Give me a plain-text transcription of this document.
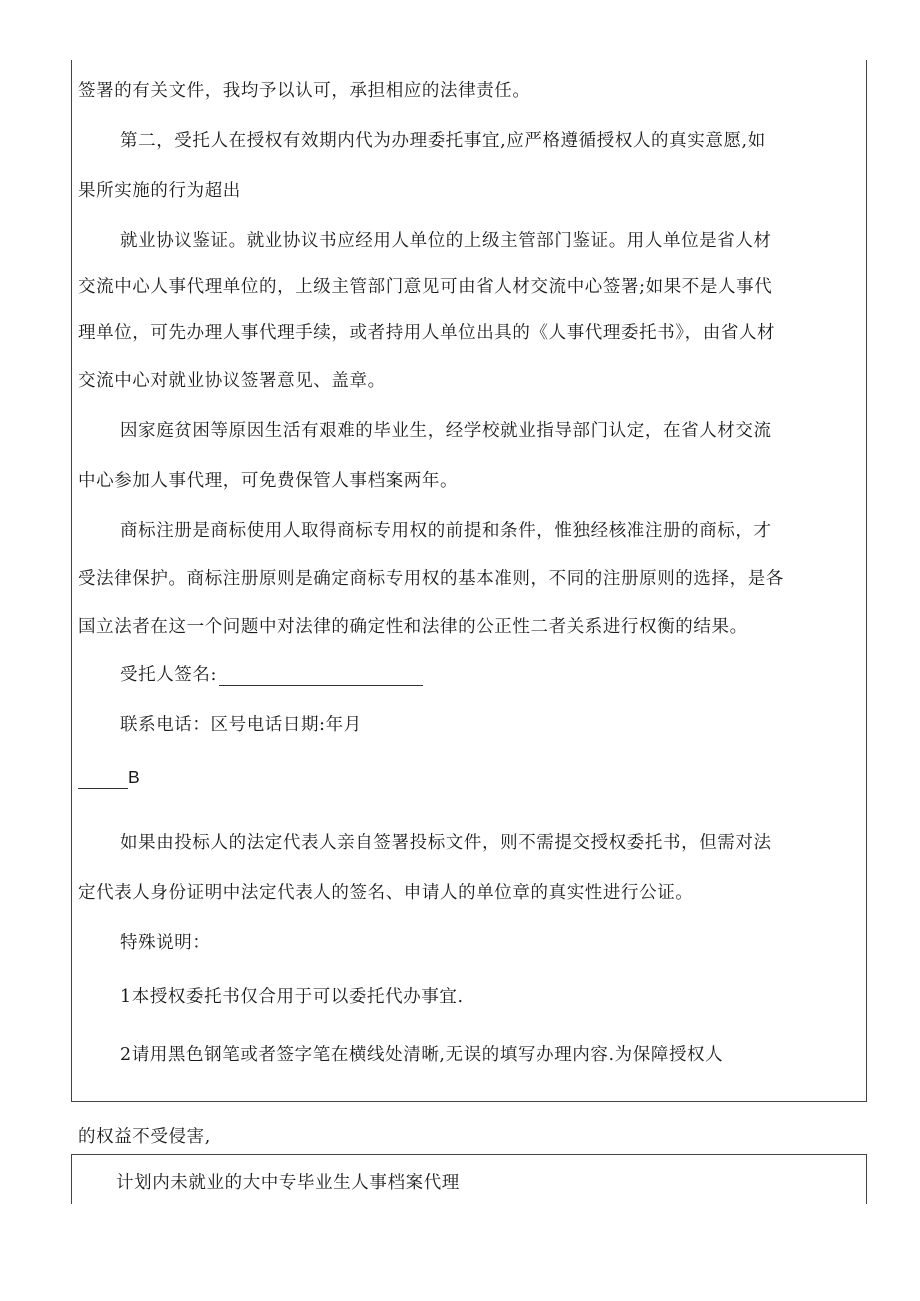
签署的有关文件，我均予以认可，承担相应的法律责任。
第二，受托人在授权有效期内代为办理委托事宜,应严格遵循授权人的真实意愿,如
果所实施的行为超出
就业协议鉴证。就业协议书应经用人单位的上级主管部门鉴证。用人单位是省人材
交流中心人事代理单位的，上级主管部门意见可由省人材交流中心签署;如果不是人事代
理单位，可先办理人事代理手续，或者持用人单位出具的《人事代理委托书》，由省人材
交流中心对就业协议签署意见、盖章。
因家庭贫困等原因生活有艰难的毕业生，经学校就业指导部门认定，在省人材交流
中心参加人事代理，可免费保管人事档案两年。
商标注册是商标使用人取得商标专用权的前提和条件，惟独经核准注册的商标，才
受法律保护。商标注册原则是确定商标专用权的基本准则，不同的注册原则的选择，是各
国立法者在这一个问题中对法律的确定性和法律的公正性二者关系进行权衡的结果。
受托人签名:
联系电话：区号电话日期:年月
B
如果由投标人的法定代表人亲自签署投标文件，则不需提交授权委托书，但需对法
定代表人身份证明中法定代表人的签名、申请人的单位章的真实性进行公证。
特殊说明：
1本授权委托书仅合用于可以委托代办事宜.
2请用黑色钢笔或者签字笔在横线处清晰,无误的填写办理内容.为保障授权人
的权益不受侵害,
计划内未就业的大中专毕业生人事档案代理
